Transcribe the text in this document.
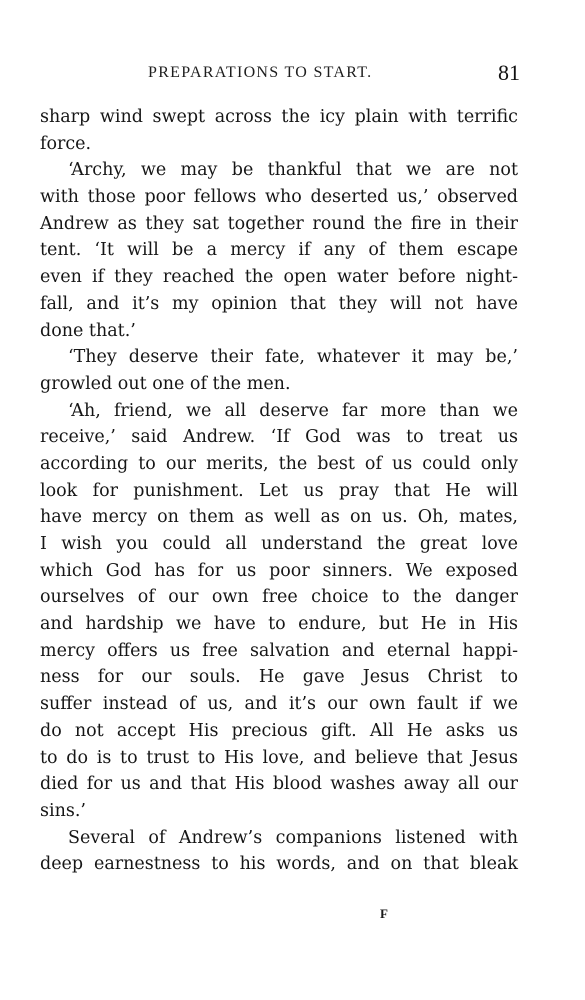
PREPARATIONS TO START.	81
sharp wind swept across the icy plain with terrific
force.
‘Archy, we may be thankful that we are not
with those poor fellows who deserted us,’ observed
Andrew as they sat together round the fire in their
tent. ‘It will be a mercy if any of them escape
even if they reached the open water before night-
fall, and it’s my opinion that they will not have
done that.’
‘They deserve their fate, whatever it may be,’
growled out one of the men.
‘Ah, friend, we all deserve far more than we
receive,’ said Andrew. ‘If God was to treat us
according to our merits, the best of us could only
look for punishment. Let us pray that He will
have mercy on them as well as on us. Oh, mates,
I wish you could all understand the great love
which God has for us poor sinners. We exposed
ourselves of our own free choice to the danger
and hardship we have to endure, but He in His
mercy offers us free salvation and eternal happi-
ness for our souls. He gave Jesus Christ to
suffer instead of us, and it’s our own fault if we
do not accept His precious gift. All He asks us
to do is to trust to His love, and believe that Jesus
died for us and that His blood washes away all our
sins.’
Several of Andrew’s companions listened with
deep earnestness to his words, and on that bleak
F
